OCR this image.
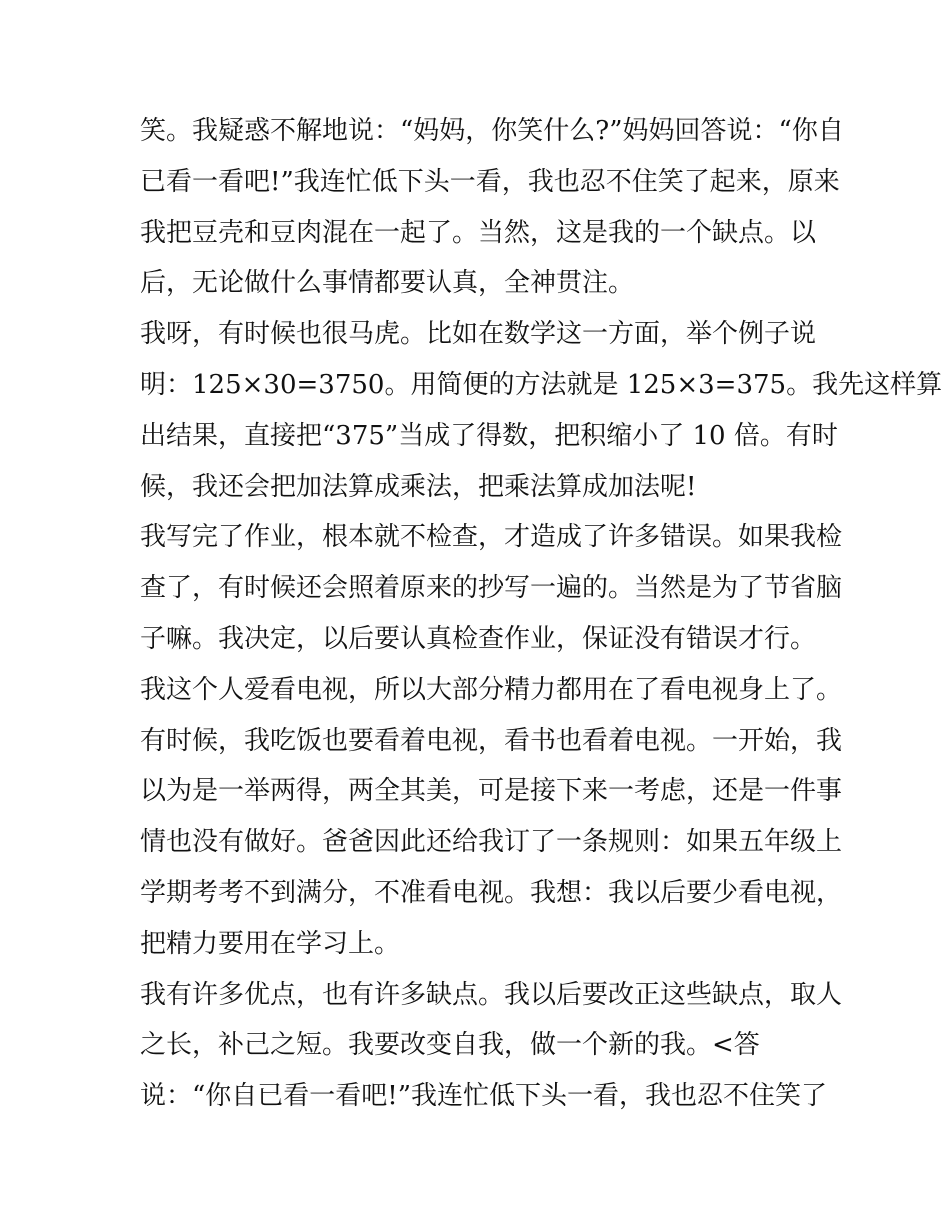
笑。我疑惑不解地说：“妈妈，你笑什么?”妈妈回答说：“你自
已看一看吧!”我连忙低下头一看，我也忍不住笑了起来，原来
我把豆壳和豆肉混在一起了。当然，这是我的一个缺点。以
后，无论做什么事情都要认真，全神贯注。
我呀，有时候也很马虎。比如在数学这一方面，举个例子说
明：125×30=3750。用简便的方法就是 125×3=375。我先这样算
出结果，直接把“375”当成了得数，把积缩小了 10 倍。有时
候，我还会把加法算成乘法，把乘法算成加法呢!
我写完了作业，根本就不检查，才造成了许多错误。如果我检
查了，有时候还会照着原来的抄写一遍的。当然是为了节省脑
子嘛。我决定，以后要认真检查作业，保证没有错误才行。
我这个人爱看电视，所以大部分精力都用在了看电视身上了。
有时候，我吃饭也要看着电视，看书也看着电视。一开始，我
以为是一举两得，两全其美，可是接下来一考虑，还是一件事
情也没有做好。爸爸因此还给我订了一条规则：如果五年级上
学期考考不到满分，不准看电视。我想：我以后要少看电视，
把精力要用在学习上。
我有许多优点，也有许多缺点。我以后要改正这些缺点，取人
之长，补己之短。我要改变自我，做一个新的我。<答
说：“你自已看一看吧!”我连忙低下头一看，我也忍不住笑了
